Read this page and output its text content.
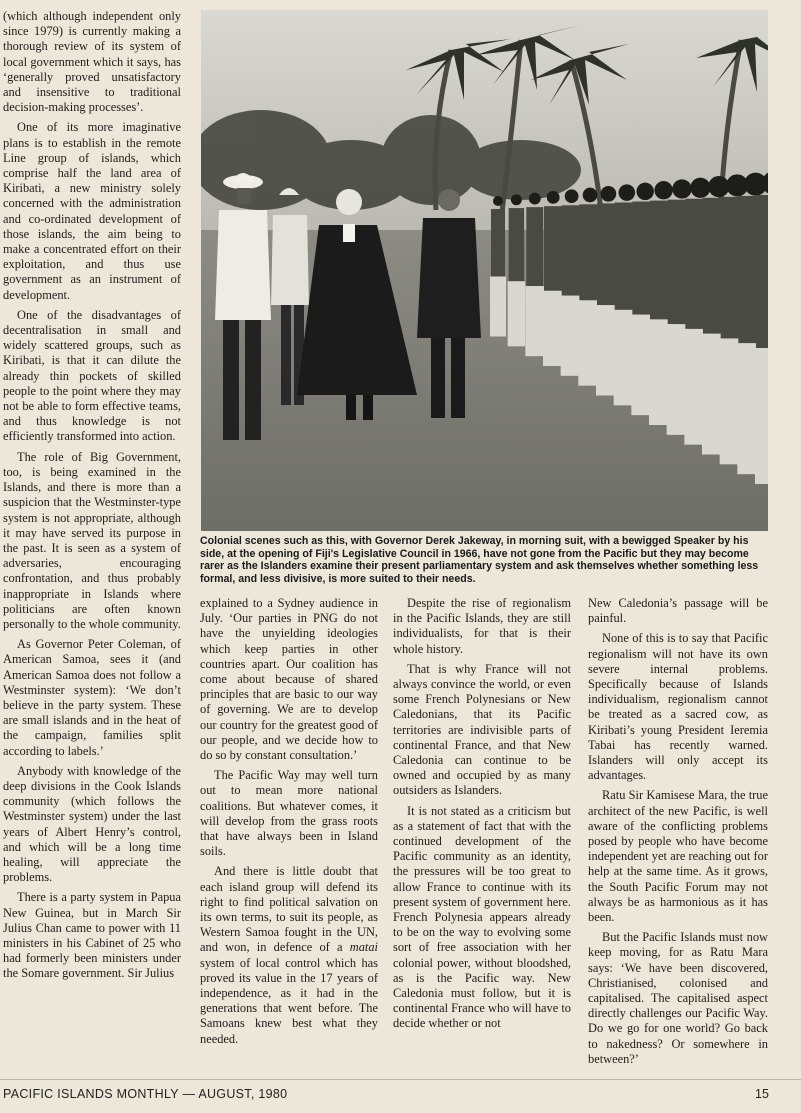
(which although independent only since 1979) is currently making a thorough review of its system of local government which it says, has ‘generally proved unsatisfactory and insensitive to traditional decision-making processes’.

One of its more imaginative plans is to establish in the remote Line group of islands, which comprise half the land area of Kiribati, a new ministry solely concerned with the administration and co-ordinated development of those islands, the aim being to make a concentrated effort on their exploitation, and thus use government as an instrument of development.

One of the disadvantages of decentralisation in small and widely scattered groups, such as Kiribati, is that it can dilute the already thin pockets of skilled people to the point where they may not be able to form effective teams, and thus knowledge is not efficiently transformed into action.

The role of Big Government, too, is being examined in the Islands, and there is more than a suspicion that the Westminster-type system is not appropriate, although it may have served its purpose in the past. It is seen as a system of adversaries, encouraging confrontation, and thus probably inappropriate in Islands where politicians are often known personally to the whole community.

As Governor Peter Coleman, of American Samoa, sees it (and American Samoa does not follow a Westminster system): ‘We don’t believe in the party system. These are small islands and in the heat of the campaign, families split according to labels.’

Anybody with knowledge of the deep divisions in the Cook Islands community (which follows the Westminster system) under the last years of Albert Henry’s control, and which will be a long time healing, will appreciate the problems.

There is a party system in Papua New Guinea, but in March Sir Julius Chan came to power with 11 ministers in his Cabinet of 25 who had formerly been ministers under the Somare government. Sir Julius

Colonial scenes such as this, with Governor Derek Jakeway, in morning suit, with a bewigged Speaker by his side, at the opening of Fiji's Legislative Council in 1966, have not gone from the Pacific but they may become rarer as the Islanders examine their present parliamentary system and ask themselves whether something less formal, and less divisive, is more suited to their needs.

explained to a Sydney audience in July. ‘Our parties in PNG do not have the unyielding ideologies which keep parties in other countries apart. Our coalition has come about because of shared principles that are basic to our way of governing. We are to develop our country for the greatest good of our people, and we decide how to do so by constant consultation.’

The Pacific Way may well turn out to mean more national coalitions. But whatever comes, it will develop from the grass roots that have always been in Island soils.

And there is little doubt that each island group will defend its right to find political salvation on its own terms, to suit its people, as Western Samoa fought in the UN, and won, in defence of a matai system of local control which has proved its value in the 17 years of independence, as it had in the generations that went before. The Samoans knew best what they needed.

Despite the rise of regionalism in the Pacific Islands, they are still individualists, for that is their whole history.

That is why France will not always convince the world, or even some French Polynesians or New Caledonians, that its Pacific territories are indivisible parts of continental France, and that New Caledonia can continue to be owned and occupied by as many outsiders as Islanders.

It is not stated as a criticism but as a statement of fact that with the continued development of the Pacific community as an identity, the pressures will be too great to allow France to continue with its present system of government here. French Polynesia appears already to be on the way to evolving some sort of free association with her colonial power, without bloodshed, as is the Pacific way. New Caledonia must follow, but it is continental France who will have to decide whether or not

New Caledonia’s passage will be painful.

None of this is to say that Pacific regionalism will not have its own severe internal problems. Specifically because of Islands individualism, regionalism cannot be treated as a sacred cow, as Kiribati’s young President Ieremia Tabai has recently warned. Islanders will only accept its advantages.

Ratu Sir Kamisese Mara, the true architect of the new Pacific, is well aware of the conflicting problems posed by people who have become independent yet are reaching out for help at the same time. As it grows, the South Pacific Forum may not always be as harmonious as it has been.

But the Pacific Islands must now keep moving, for as Ratu Mara says: ‘We have been discovered, Christianised, colonised and capitalised. The capitalised aspect directly challenges our Pacific Way. Do we go for one world? Go back to nakedness? Or somewhere in between?’

PACIFIC ISLANDS MONTHLY — AUGUST, 1980	15
